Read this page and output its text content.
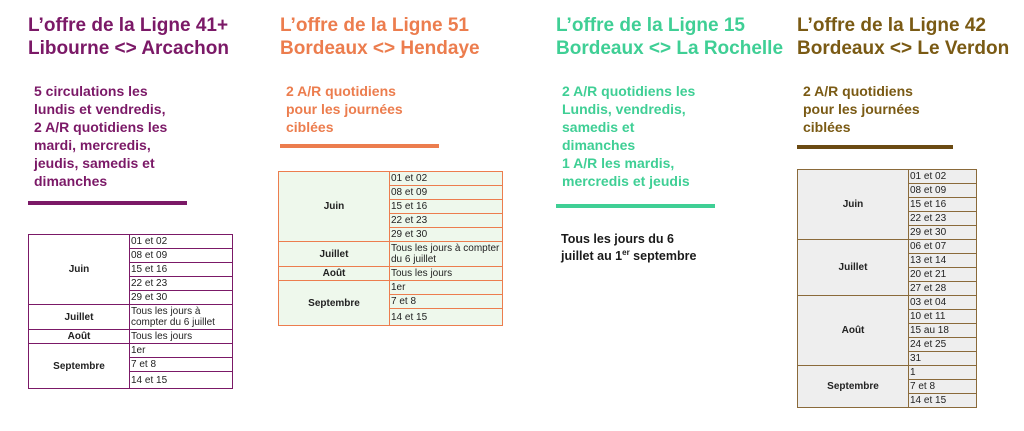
L’offre de la Ligne 41+
Libourne <> Arcachon
5 circulations les
lundis et vendredis,
2 A/R quotidiens les
mardi, mercredis,
jeudis, samedis et
dimanches
Juin	01 et 02
	08 et 09
	15 et 16
	22 et 23
	29 et 30
Juillet	Tous les jours à compter du 6 juillet
Août	Tous les jours
Septembre	1er
	7 et 8
	14 et 15
L’offre de la Ligne 51
Bordeaux <> Hendaye
2 A/R quotidiens
pour les journées
ciblées
Juin	01 et 02
	08 et 09
	15 et 16
	22 et 23
	29 et 30
Juillet	Tous les jours à compter du 6 juillet
Août	Tous les jours
Septembre	1er
	7 et 8
	14 et 15
L’offre de la Ligne 15
Bordeaux <> La Rochelle
2 A/R quotidiens les
Lundis, vendredis,
samedis et
dimanches
1 A/R les mardis,
mercredis et jeudis
Tous les jours du 6
juillet au 1er septembre
L’offre de la Ligne 42
Bordeaux <> Le Verdon
2 A/R quotidiens
pour les journées
ciblées
Juin	01 et 02
	08 et 09
	15 et 16
	22 et 23
	29 et 30
Juillet	06 et 07
	13 et 14
	20 et 21
	27 et 28
Août	03 et 04
	10 et 11
	15 au 18
	24 et 25
	31
Septembre	1
	7 et 8
	14 et 15
